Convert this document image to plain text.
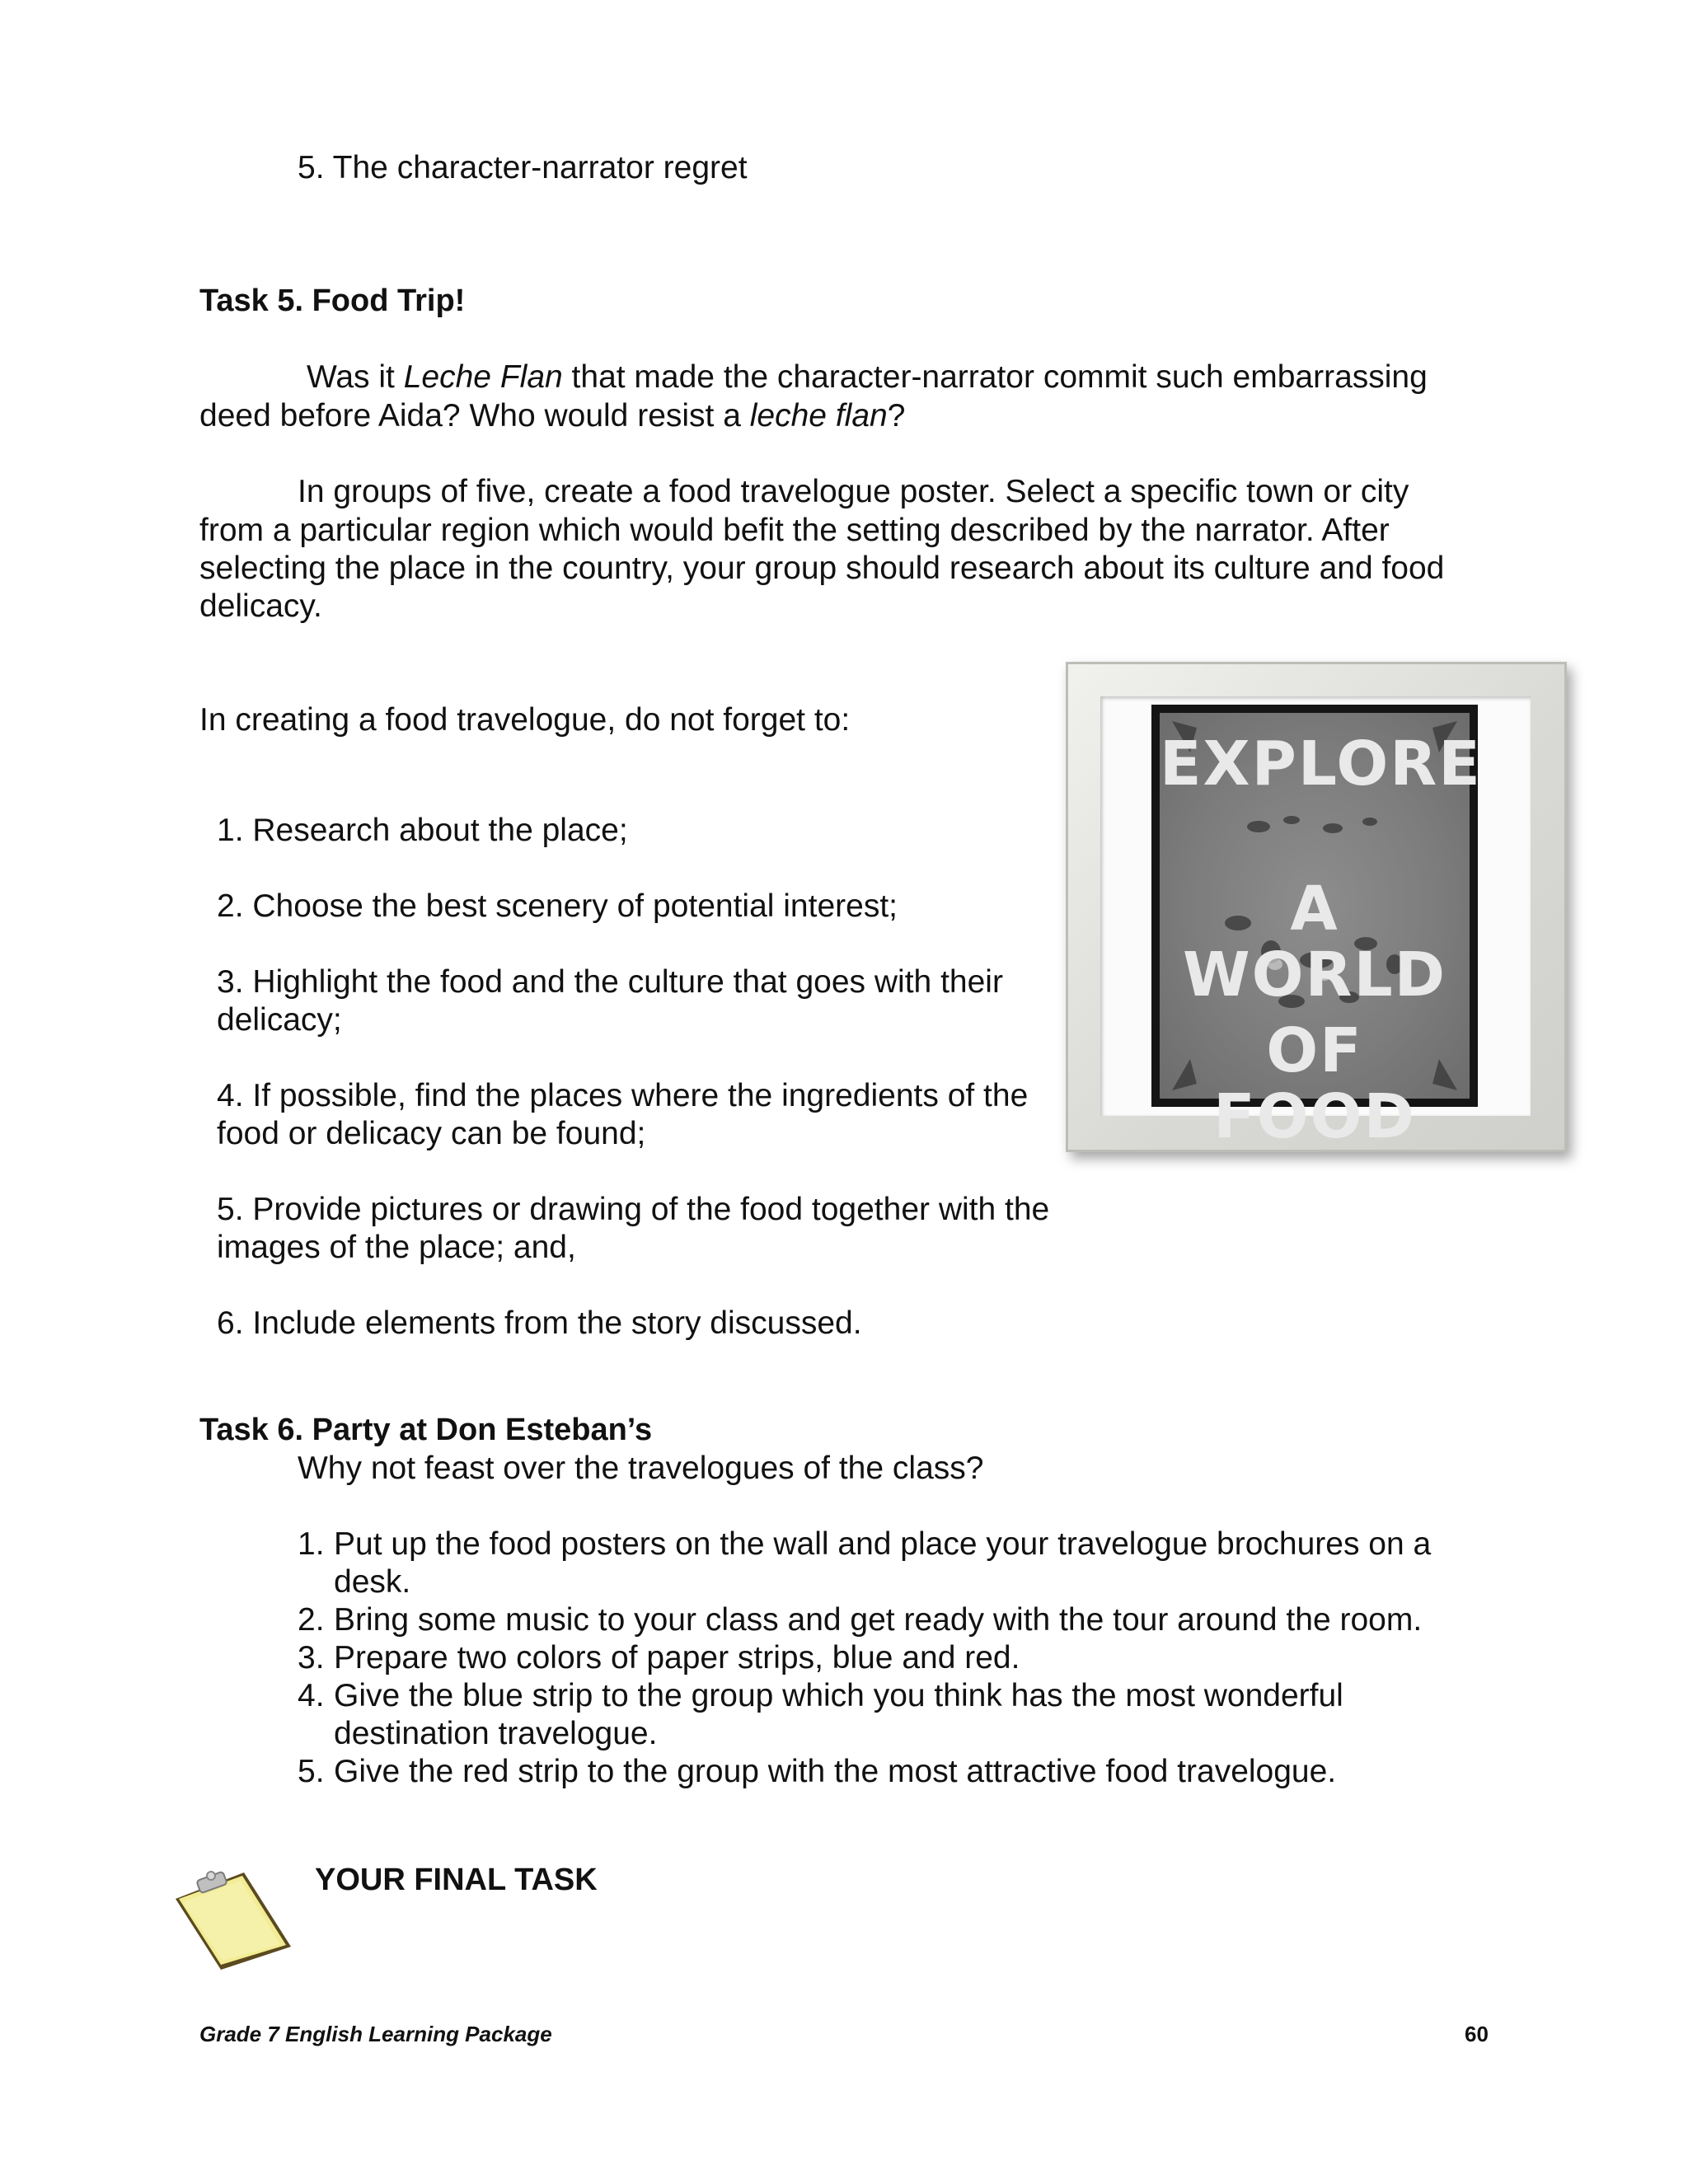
5. The character-narrator regret
Task 5. Food Trip!
Was it Leche Flan that made the character-narrator commit such embarrassing
deed before Aida? Who would resist a leche flan?
In groups of five, create a food travelogue poster. Select a specific town or city
from a particular region which would befit the setting described by the narrator. After
selecting the place in the country, your group should research about its culture and food
delicacy.
In creating a food travelogue, do not forget to:
1. Research about the place;
2. Choose the best scenery of potential interest;
3. Highlight the food and the culture that goes with their
delicacy;
4. If possible, find the places where the ingredients of the
food or delicacy can be found;
5. Provide pictures or drawing of the food together with the
images of the place; and,
6. Include elements from the story discussed.
EXPLORE
A WORLD
OF FOOD
Task 6. Party at Don Esteban’s
Why not feast over the travelogues of the class?
1. Put up the food posters on the wall and place your travelogue brochures on a
desk.
2. Bring some music to your class and get ready with the tour around the room.
3. Prepare two colors of paper strips, blue and red.
4. Give the blue strip to the group which you think has the most wonderful
destination travelogue.
5. Give the red strip to the group with the most attractive food travelogue.
YOUR FINAL TASK
Grade 7 English Learning Package	60
